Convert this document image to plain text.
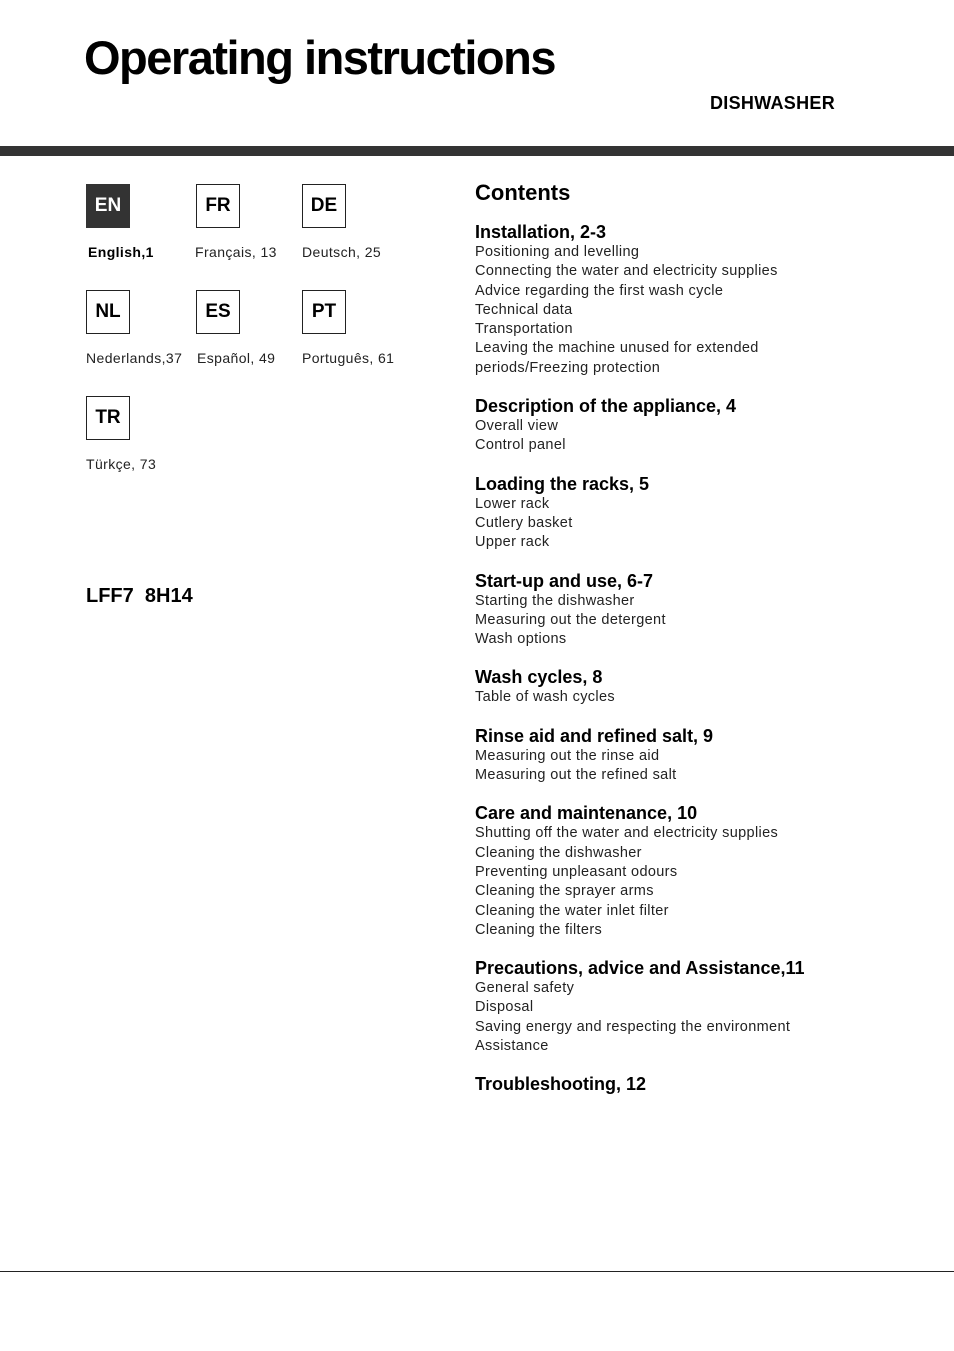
Operating instructions
DISHWASHER
EN
English,1
FR
Français, 13
DE
Deutsch, 25
NL
Nederlands,37
ES
Español, 49
PT
Português, 61
TR
Türkçe, 73
LFF7  8H14
Contents
Installation, 2-3
Positioning and levelling
Connecting the water and electricity supplies
Advice regarding the first wash cycle
Technical data
Transportation
Leaving the machine unused for extended
periods/Freezing protection
Description of the appliance, 4
Overall view
Control panel
Loading the racks, 5
Lower rack
Cutlery basket
Upper rack
Start-up and use, 6-7
Starting the dishwasher
Measuring out the detergent
Wash options
Wash cycles, 8
Table of wash cycles
Rinse aid and refined salt, 9
Measuring out the rinse aid
Measuring out the refined salt
Care and maintenance, 10
Shutting off the water and electricity supplies
Cleaning the dishwasher
Preventing unpleasant odours
Cleaning the sprayer arms
Cleaning the water inlet filter
Cleaning the filters
Precautions, advice and Assistance,11
General safety
Disposal
Saving energy and respecting the environment
Assistance
Troubleshooting, 12
